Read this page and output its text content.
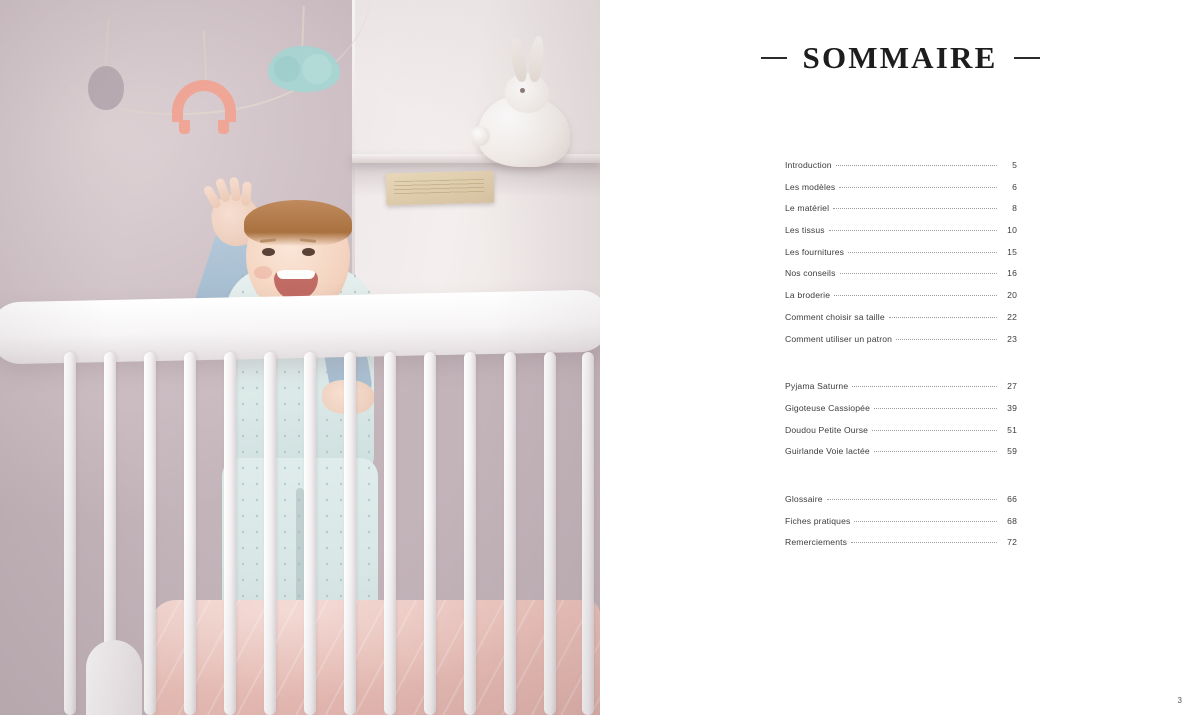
SOMMAIRE
Introduction	5
Les modèles	6
Le matériel	8
Les tissus	10
Les fournitures	15
Nos conseils	16
La broderie	20
Comment choisir sa taille	22
Comment utiliser un patron	23
Pyjama Saturne	27
Gigoteuse Cassiopée	39
Doudou Petite Ourse	51
Guirlande Voie lactée	59
Glossaire	66
Fiches pratiques	68
Remerciements	72
3
